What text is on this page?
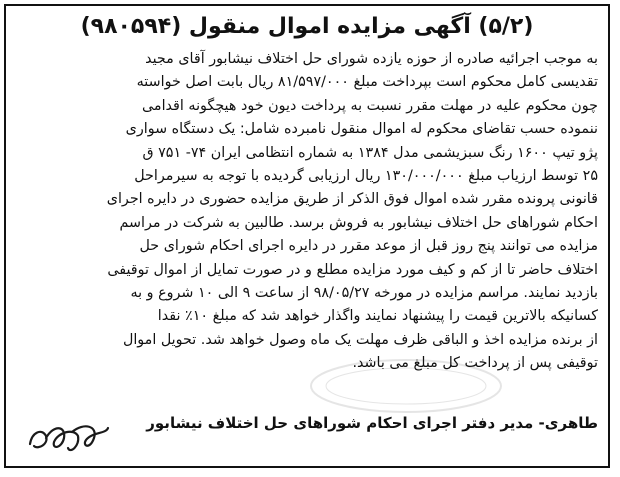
(۵/۲) آگهی مزایده اموال منقول (۹۸۰۵۹۴)
به موجب اجرائیه صادره از حوزه یازده شورای حل اختلاف نیشابور آقای مجید
تقدیسی کامل محکوم است بپرداخت مبلغ ۸۱/۵۹۷/۰۰۰ ریال بابت اصل خواسته
چون محکوم علیه در مهلت مقرر نسبت به پرداخت دیون خود هیچگونه اقدامی
ننموده حسب تقاضای محکوم له اموال منقول نامبرده شامل: یک دستگاه سواری
پژو تیپ ۱۶۰۰ رنگ سبزیشمی مدل ۱۳۸۴ به شماره انتظامی ایران ۷۴- ۷۵۱ ق
۲۵ توسط ارزیاب مبلغ ۱۳۰/۰۰۰/۰۰۰ ریال ارزیابی گردیده با توجه به سیرمراحل
قانونی پرونده مقرر شده اموال فوق الذکر از طریق مزایده حضوری در دایره اجرای
احکام شوراهای حل اختلاف نیشابور به فروش برسد. طالبین به شرکت در مراسم
مزایده می توانند پنج روز قبل از موعد مقرر در دایره اجرای احکام شورای حل
اختلاف حاضر تا از کم و کیف مورد مزایده مطلع و در صورت تمایل از اموال توقیفی
بازدید نمایند. مراسم مزایده در مورخه ۹۸/۰۵/۲۷ از ساعت ۹ الی ۱۰ شروع و به
کسانیکه بالاترین قیمت را پیشنهاد نمایند واگذار خواهد شد که مبلغ ۱۰٪ نقدا
از برنده مزایده اخذ و الباقی ظرف مهلت یک ماه وصول خواهد شد. تحویل اموال
توقیفی پس از پرداخت کل مبلغ می باشد.
طاهری- مدیر دفتر اجرای احکام شوراهای حل اختلاف نیشابور
